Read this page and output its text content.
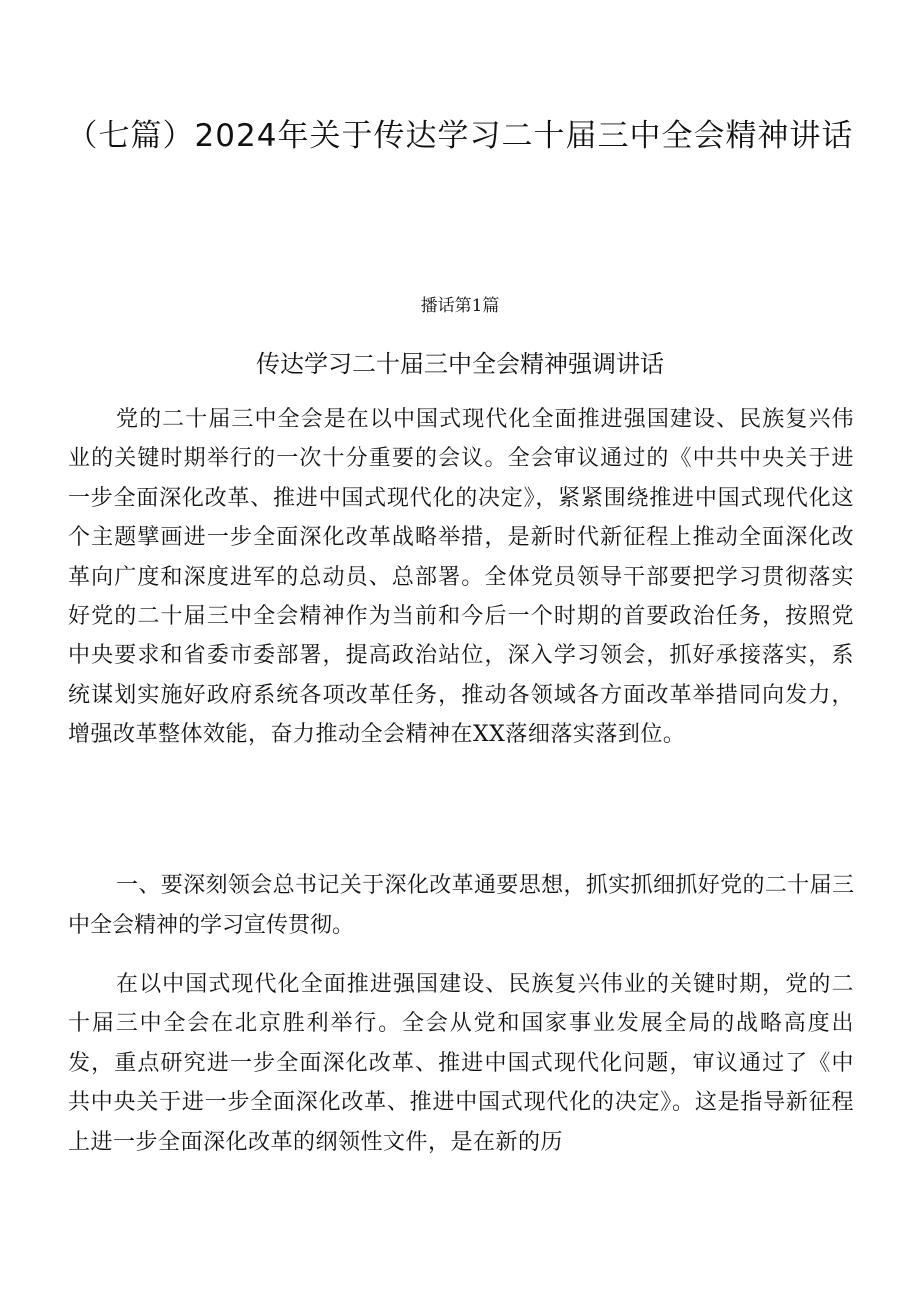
（七篇）2024年关于传达学习二十届三中全会精神讲话

播话第1篇

传达学习二十届三中全会精神强调讲话

党的二十届三中全会是在以中国式现代化全面推进强国建设、民族复兴伟业的关键时期举行的一次十分重要的会议。全会审议通过的《中共中央关于进一步全面深化改革、推进中国式现代化的决定》，紧紧围绕推进中国式现代化这个主题擘画进一步全面深化改革战略举措，是新时代新征程上推动全面深化改革向广度和深度进军的总动员、总部署。全体党员领导干部要把学习贯彻落实好党的二十届三中全会精神作为当前和今后一个时期的首要政治任务，按照党中央要求和省委市委部署，提高政治站位，深入学习领会，抓好承接落实，系统谋划实施好政府系统各项改革任务，推动各领域各方面改革举措同向发力，增强改革整体效能，奋力推动全会精神在XX落细落实落到位。

一、要深刻领会总书记关于深化改革通要思想，抓实抓细抓好党的二十届三中全会精神的学习宣传贯彻。

在以中国式现代化全面推进强国建设、民族复兴伟业的关键时期，党的二十届三中全会在北京胜利举行。全会从党和国家事业发展全局的战略高度出发，重点研究进一步全面深化改革、推进中国式现代化问题，审议通过了《中共中央关于进一步全面深化改革、推进中国式现代化的决定》。这是指导新征程上进一步全面深化改革的纲领性文件，是在新的历
